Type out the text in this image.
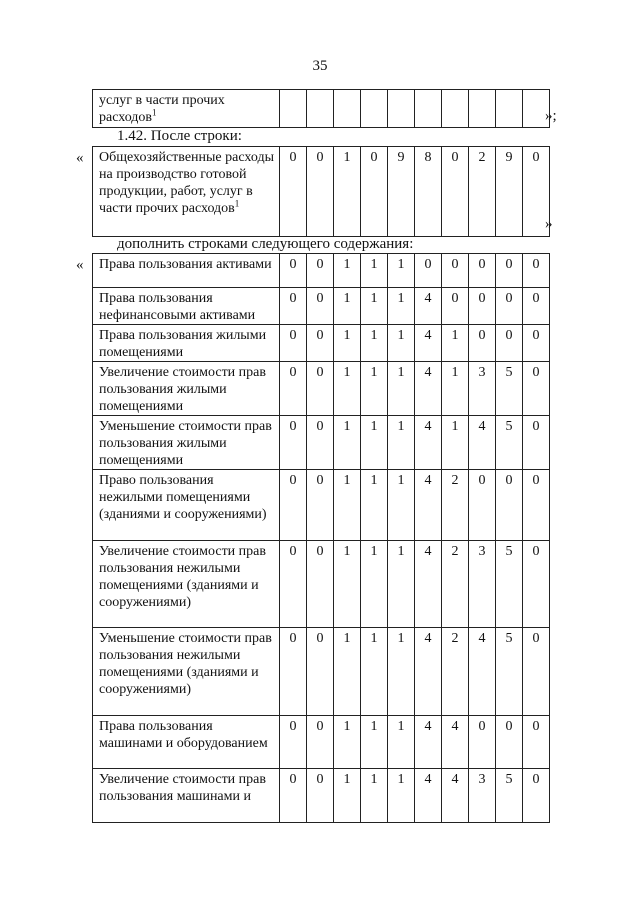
35
услуг в части прочих расходов$^1$											»;
1.42. После строки:
« Общехозяйственные расходы на производство готовой продукции, работ, услуг в части прочих расходов$^1$	0	0	1	0	9	8	0	2	9	0
»
дополнить строками следующего содержания:
« Права пользования активами	0	0	1	1	1	0	0	0	0	0
Права пользования нефинансовыми активами	0	0	1	1	1	4	0	0	0	0
Права пользования жилыми помещениями	0	0	1	1	1	4	1	0	0	0
Увеличение стоимости прав пользования жилыми помещениями	0	0	1	1	1	4	1	3	5	0
Уменьшение стоимости прав пользования жилыми помещениями	0	0	1	1	1	4	1	4	5	0
Право пользования нежилыми помещениями (зданиями и сооружениями)	0	0	1	1	1	4	2	0	0	0
Увеличение стоимости прав пользования нежилыми помещениями (зданиями и сооружениями)	0	0	1	1	1	4	2	3	5	0
Уменьшение стоимости прав пользования нежилыми помещениями (зданиями и сооружениями)	0	0	1	1	1	4	2	4	5	0
Права пользования машинами и оборудованием	0	0	1	1	1	4	4	0	0	0
Увеличение стоимости прав пользования машинами и	0	0	1	1	1	4	4	3	5	0
